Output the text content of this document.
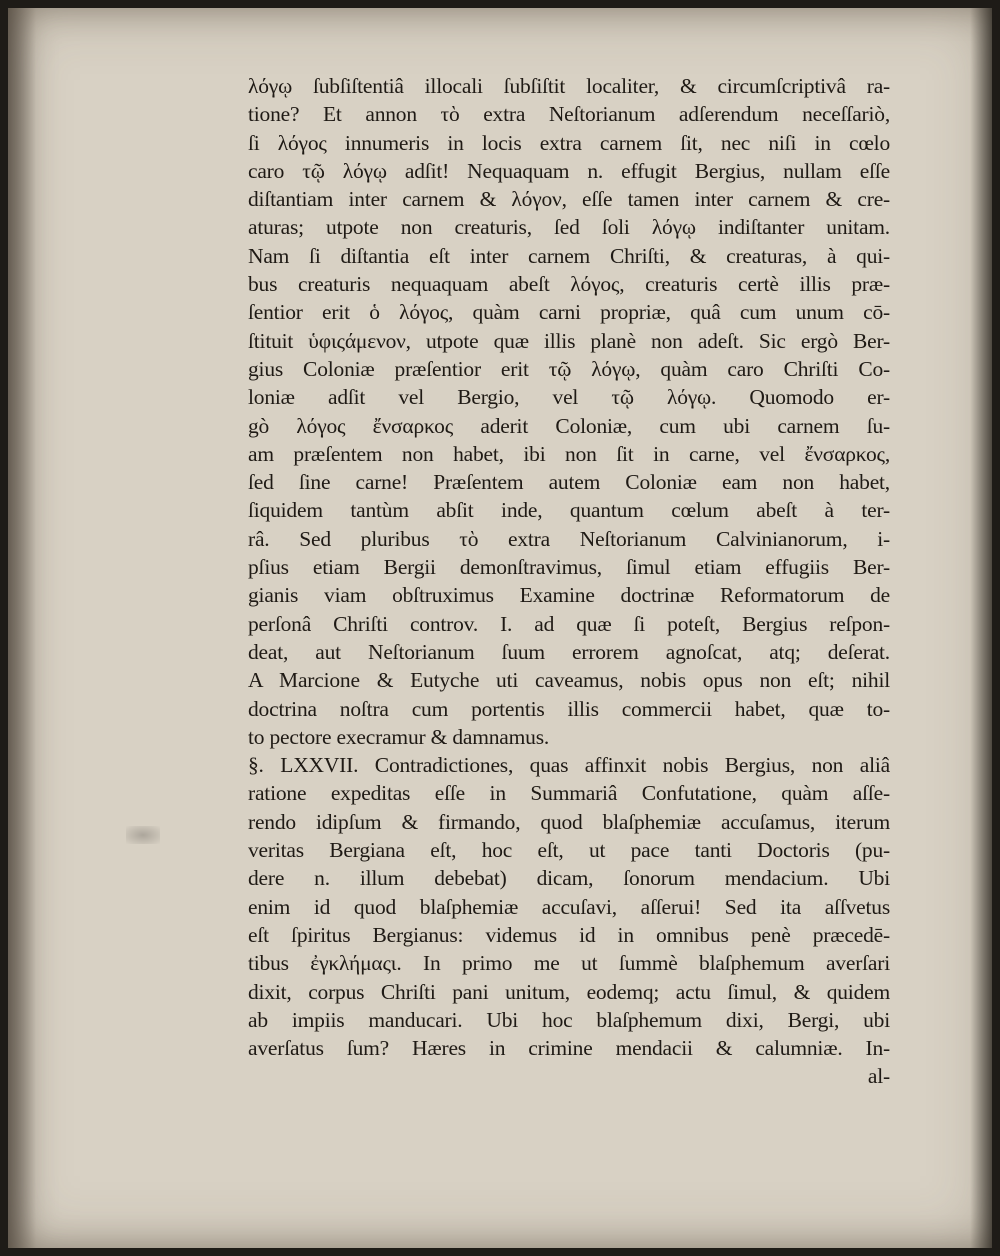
λόγῳ ſubſiſtentiâ illocali ſubſiſtit localiter, & circumſcriptivâ ra-
tione? Et annon τὸ extra Neſtorianum adſerendum neceſſariò,
ſi λόγος innumeris in locis extra carnem ſit, nec niſi in cœlo
caro τῷ λόγῳ adſit! Nequaquam n. effugit Bergius, nullam eſſe
diſtantiam inter carnem & λόγον, eſſe tamen inter carnem & cre-
aturas; utpote non creaturis, ſed ſoli λόγῳ indiſtanter unitam.
Nam ſi diſtantia eſt inter carnem Chriſti, & creaturas, à qui-
bus creaturis nequaquam abeſt λόγος, creaturis certè illis præ-
ſentior erit ὁ λόγος, quàm carni propriæ, quâ cum unum cō-
ſtituit ὑφιςάμενον, utpote quæ illis planè non adeſt. Sic ergò Ber-
gius Coloniæ præſentior erit τῷ λόγῳ, quàm caro Chriſti Co-
loniæ adſit vel Bergio, vel τῷ λόγῳ. Quomodo er-
gò λόγος ἔνσαρκος aderit Coloniæ, cum ubi carnem ſu-
am præſentem non habet, ibi non ſit in carne, vel ἔνσαρκος,
ſed ſine carne! Præſentem autem Coloniæ eam non habet,
ſiquidem tantùm abſit inde, quantum cœlum abeſt à ter-
râ. Sed pluribus τὸ extra Neſtorianum Calvinianorum, i-
pſius etiam Bergii demonſtravimus, ſimul etiam effugiis Ber-
gianis viam obſtruximus Examine doctrinæ Reformatorum de
perſonâ Chriſti controv. I. ad quæ ſi poteſt, Bergius reſpon-
deat, aut Neſtorianum ſuum errorem agnoſcat, atq; deſerat.
A Marcione & Eutyche uti caveamus, nobis opus non eſt; nihil
doctrina noſtra cum portentis illis commercii habet, quæ to-
to pectore execramur & damnamus.
§. LXXVII. Contradictiones, quas affinxit nobis Bergius, non aliâ
ratione expeditas eſſe in Summariâ Confutatione, quàm aſſe-
rendo idipſum & firmando, quod blaſphemiæ accuſamus, iterum
veritas Bergiana eſt, hoc eſt, ut pace tanti Doctoris (pu-
dere n. illum debebat) dicam, ſonorum mendacium. Ubi
enim id quod blaſphemiæ accuſavi, aſſerui! Sed ita aſſvetus
eſt ſpiritus Bergianus: videmus id in omnibus penè præcedē-
tibus ἐγκλήμαςι. In primo me ut ſummè blaſphemum averſari
dixit, corpus Chriſti pani unitum, eodemq; actu ſimul, & quidem
ab impiis manducari. Ubi hoc blaſphemum dixi, Bergi, ubi
averſatus ſum? Hæres in crimine mendacii & calumniæ. In-
al-
